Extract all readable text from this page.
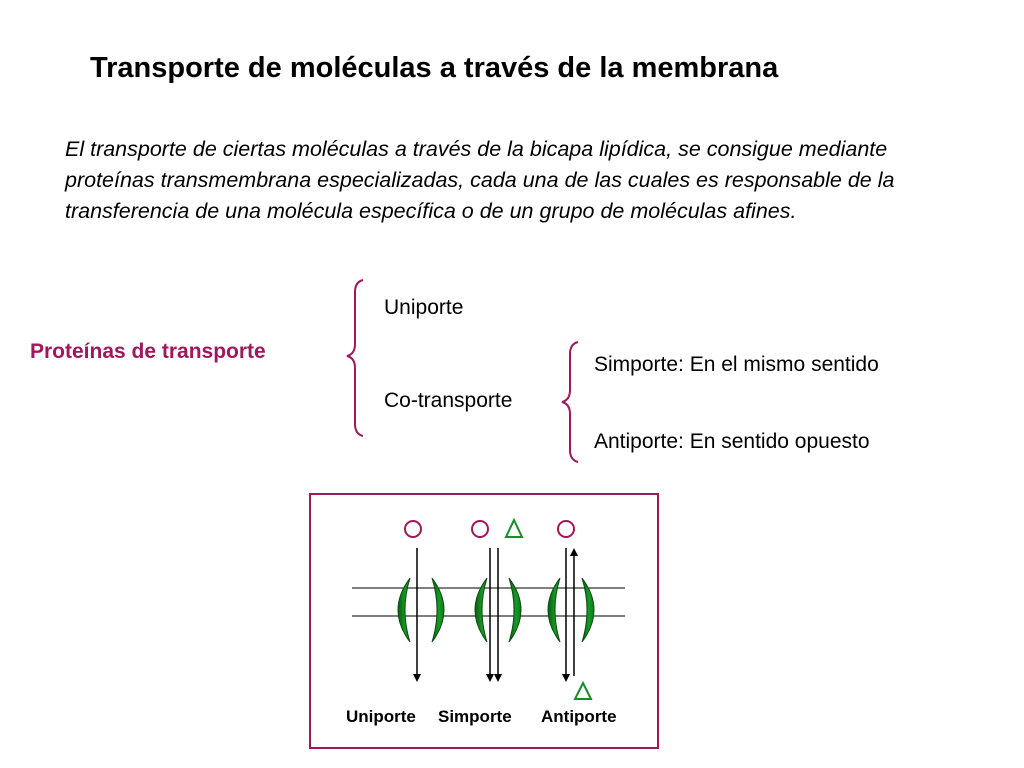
Transporte de moléculas a través de la membrana
El transporte de ciertas moléculas a través de la bicapa lipídica, se consigue mediante proteínas transmembrana especializadas, cada una de las cuales es responsable de la transferencia de una molécula específica o de un grupo de moléculas afines.
Proteínas de transporte
Uniporte
Co-transporte
Simporte: En el mismo sentido
Antiporte: En sentido opuesto
Uniporte Simporte Antiporte
